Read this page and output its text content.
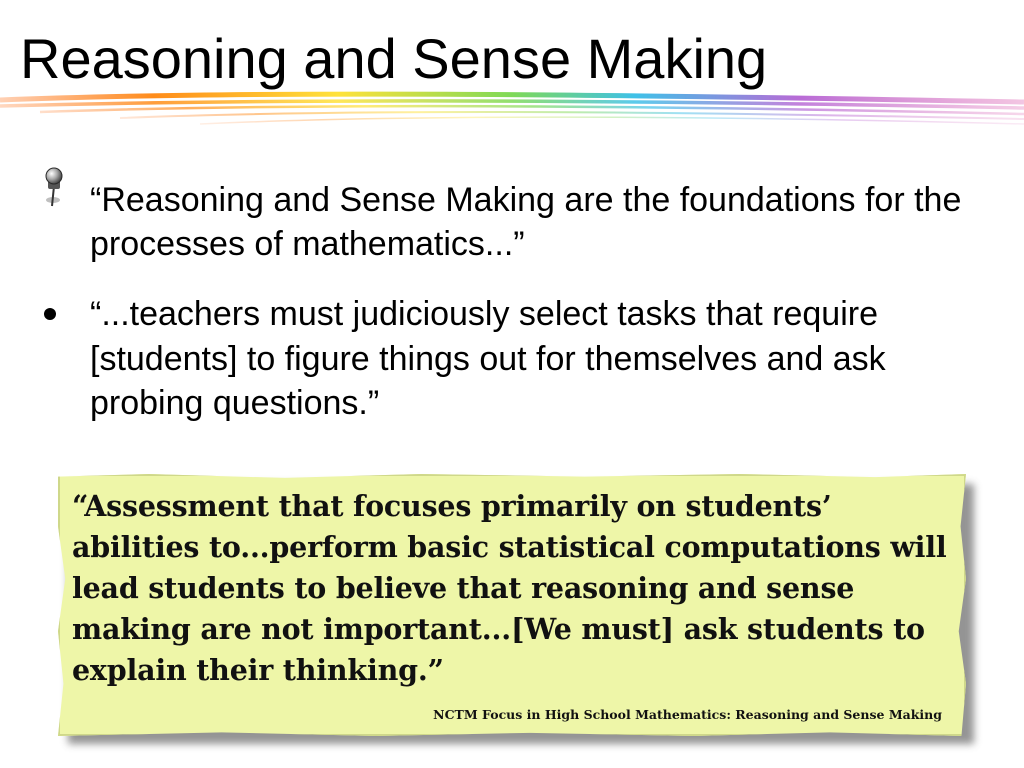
Reasoning and Sense Making
“Reasoning and Sense Making are the foundations for the processes of mathematics...”
“...teachers must judiciously select tasks that require [students] to figure things out for themselves and ask probing questions.”

“Assessment that focuses primarily on students’ abilities to...perform basic statistical computations will lead students to believe that reasoning and sense making are not important...[We must] ask students to explain their thinking.”

NCTM Focus in High School Mathematics: Reasoning and Sense Making
